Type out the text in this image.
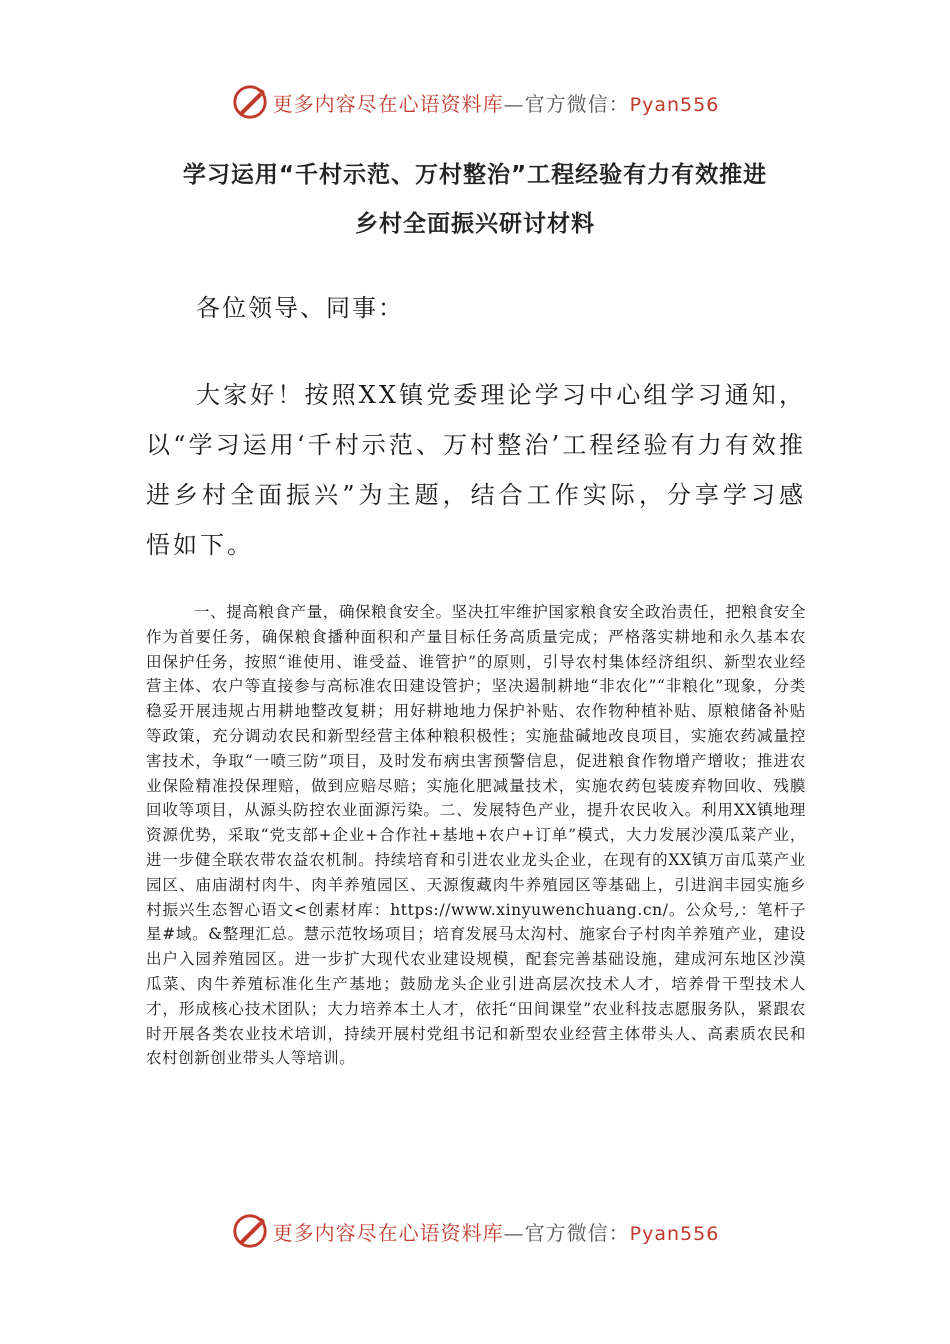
更多内容尽在心语资料库—官方微信：Pyan556
学习运用“千村示范、万村整治”工程经验有力有效推进
乡村全面振兴研讨材料
各位领导、同事：

大家好！按照XX镇党委理论学习中心组学习通知，以“学习运用‘千村示范、万村整治’工程经验有力有效推进乡村全面振兴”为主题，结合工作实际，分享学习感悟如下。

一、提高粮食产量，确保粮食安全。坚决扛牢维护国家粮食安全政治责任，把粮食安全作为首要任务，确保粮食播种面积和产量目标任务高质量完成；严格落实耕地和永久基本农田保护任务，按照“谁使用、谁受益、谁管护”的原则，引导农村集体经济组织、新型农业经营主体、农户等直接参与高标准农田建设管护；坚决遏制耕地“非农化”“非粮化”现象，分类稳妥开展违规占用耕地整改复耕；用好耕地地力保护补贴、农作物种植补贴、原粮储备补贴等政策，充分调动农民和新型经营主体种粮积极性；实施盐碱地改良项目，实施农药减量控害技术，争取“一喷三防”项目，及时发布病虫害预警信息，促进粮食作物增产增收；推进农业保险精准投保理赔，做到应赔尽赔；实施化肥减量技术，实施农药包装废弃物回收、残膜回收等项目，从源头防控农业面源污染。二、发展特色产业，提升农民收入。利用XX镇地理资源优势，采取“党支部+企业+合作社+基地+农户+订单”模式，大力发展沙漠瓜菜产业，进一步健全联农带农益农机制。持续培育和引进农业龙头企业，在现有的XX镇万亩瓜菜产业园区、庙庙湖村肉牛、肉羊养殖园区、天源復藏肉牛养殖园区等基础上，引进润丰园实施乡村振兴生态智心语文<创素材库：https://www.xinyuwenchuang.cn/。公众号,：笔杆子星#域。&整理汇总。慧示范牧场项目；培育发展马太沟村、施家台子村肉羊养殖产业，建设出户入园养殖园区。进一步扩大现代农业建设规模，配套完善基础设施，建成河东地区沙漠瓜菜、肉牛养殖标准化生产基地；鼓励龙头企业引进高层次技术人才，培养骨干型技术人才，形成核心技术团队；大力培养本土人才，依托“田间课堂”农业科技志愿服务队，紧跟农时开展各类农业技术培训，持续开展村党组书记和新型农业经营主体带头人、高素质农民和农村创新创业带头人等培训。

更多内容尽在心语资料库—官方微信：Pyan556
